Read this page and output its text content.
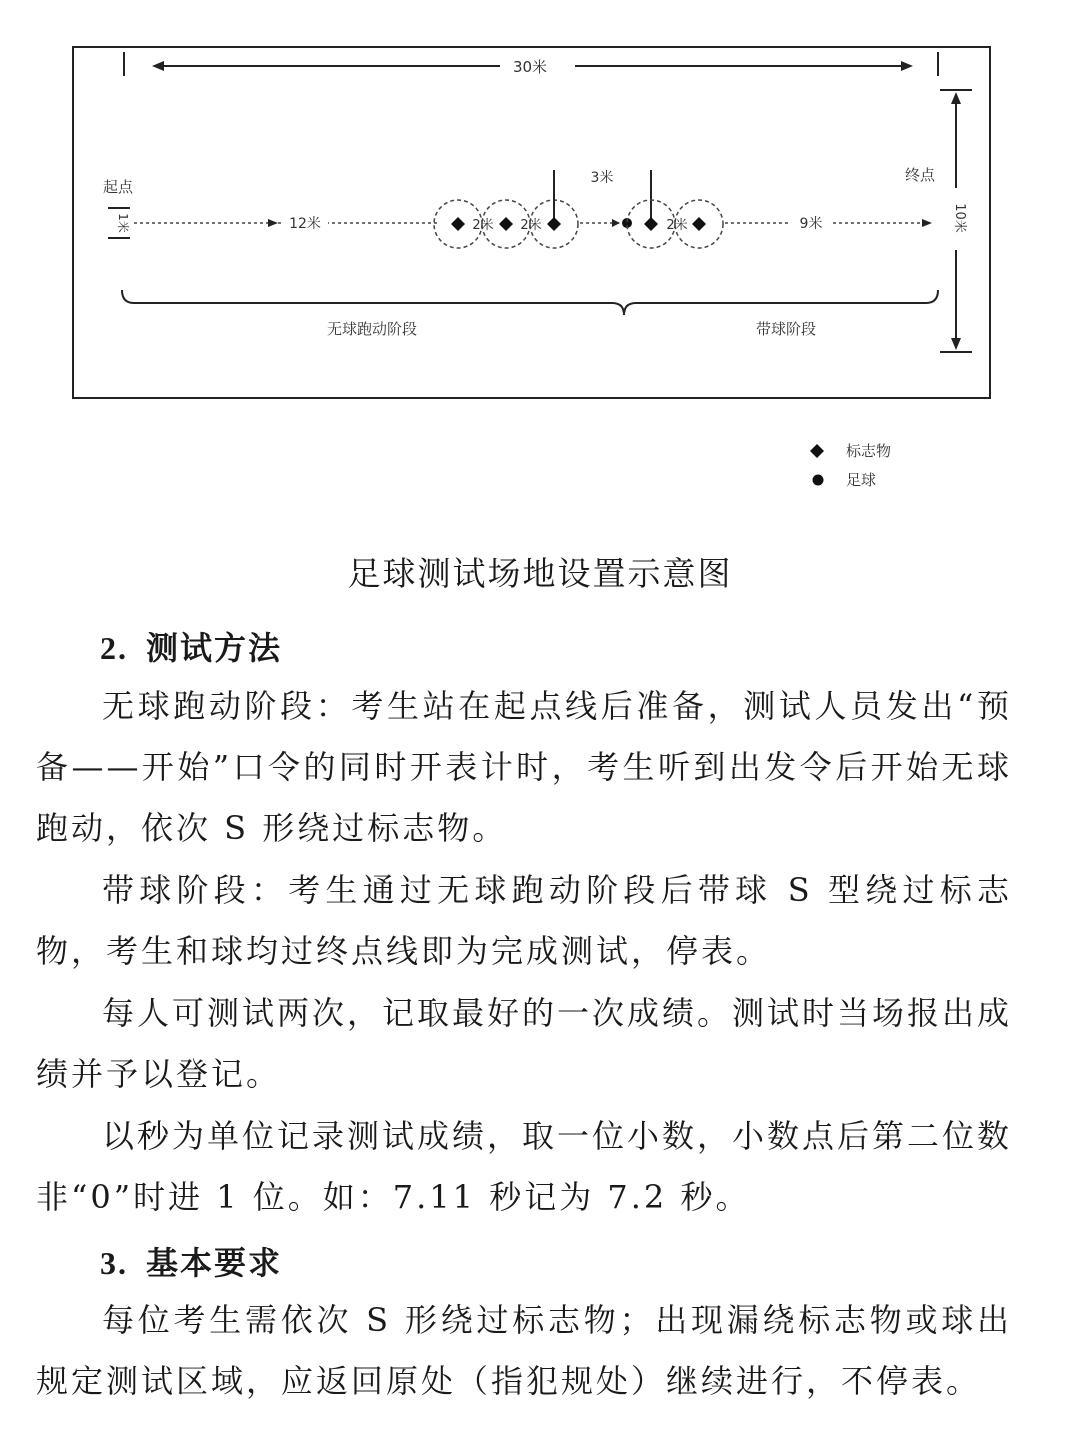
30米
起点
终点
1米	12米	2米 2米
3米
2米	9米	10米
无球跑动阶段	带球阶段
标志物
足球
足球测试场地设置示意图
2. 测试方法
无球跑动阶段：考生站在起点线后准备，测试人员发出“预备——开始”口令的同时开表计时，考生听到出发令后开始无球跑动，依次 S 形绕过标志物。
带球阶段：考生通过无球跑动阶段后带球 S 型绕过标志物，考生和球均过终点线即为完成测试，停表。
每人可测试两次，记取最好的一次成绩。测试时当场报出成绩并予以登记。
以秒为单位记录测试成绩，取一位小数，小数点后第二位数非“0”时进 1 位。如：7.11 秒记为 7.2 秒。
3. 基本要求
每位考生需依次 S 形绕过标志物；出现漏绕标志物或球出规定测试区域，应返回原处（指犯规处）继续进行，不停表。
